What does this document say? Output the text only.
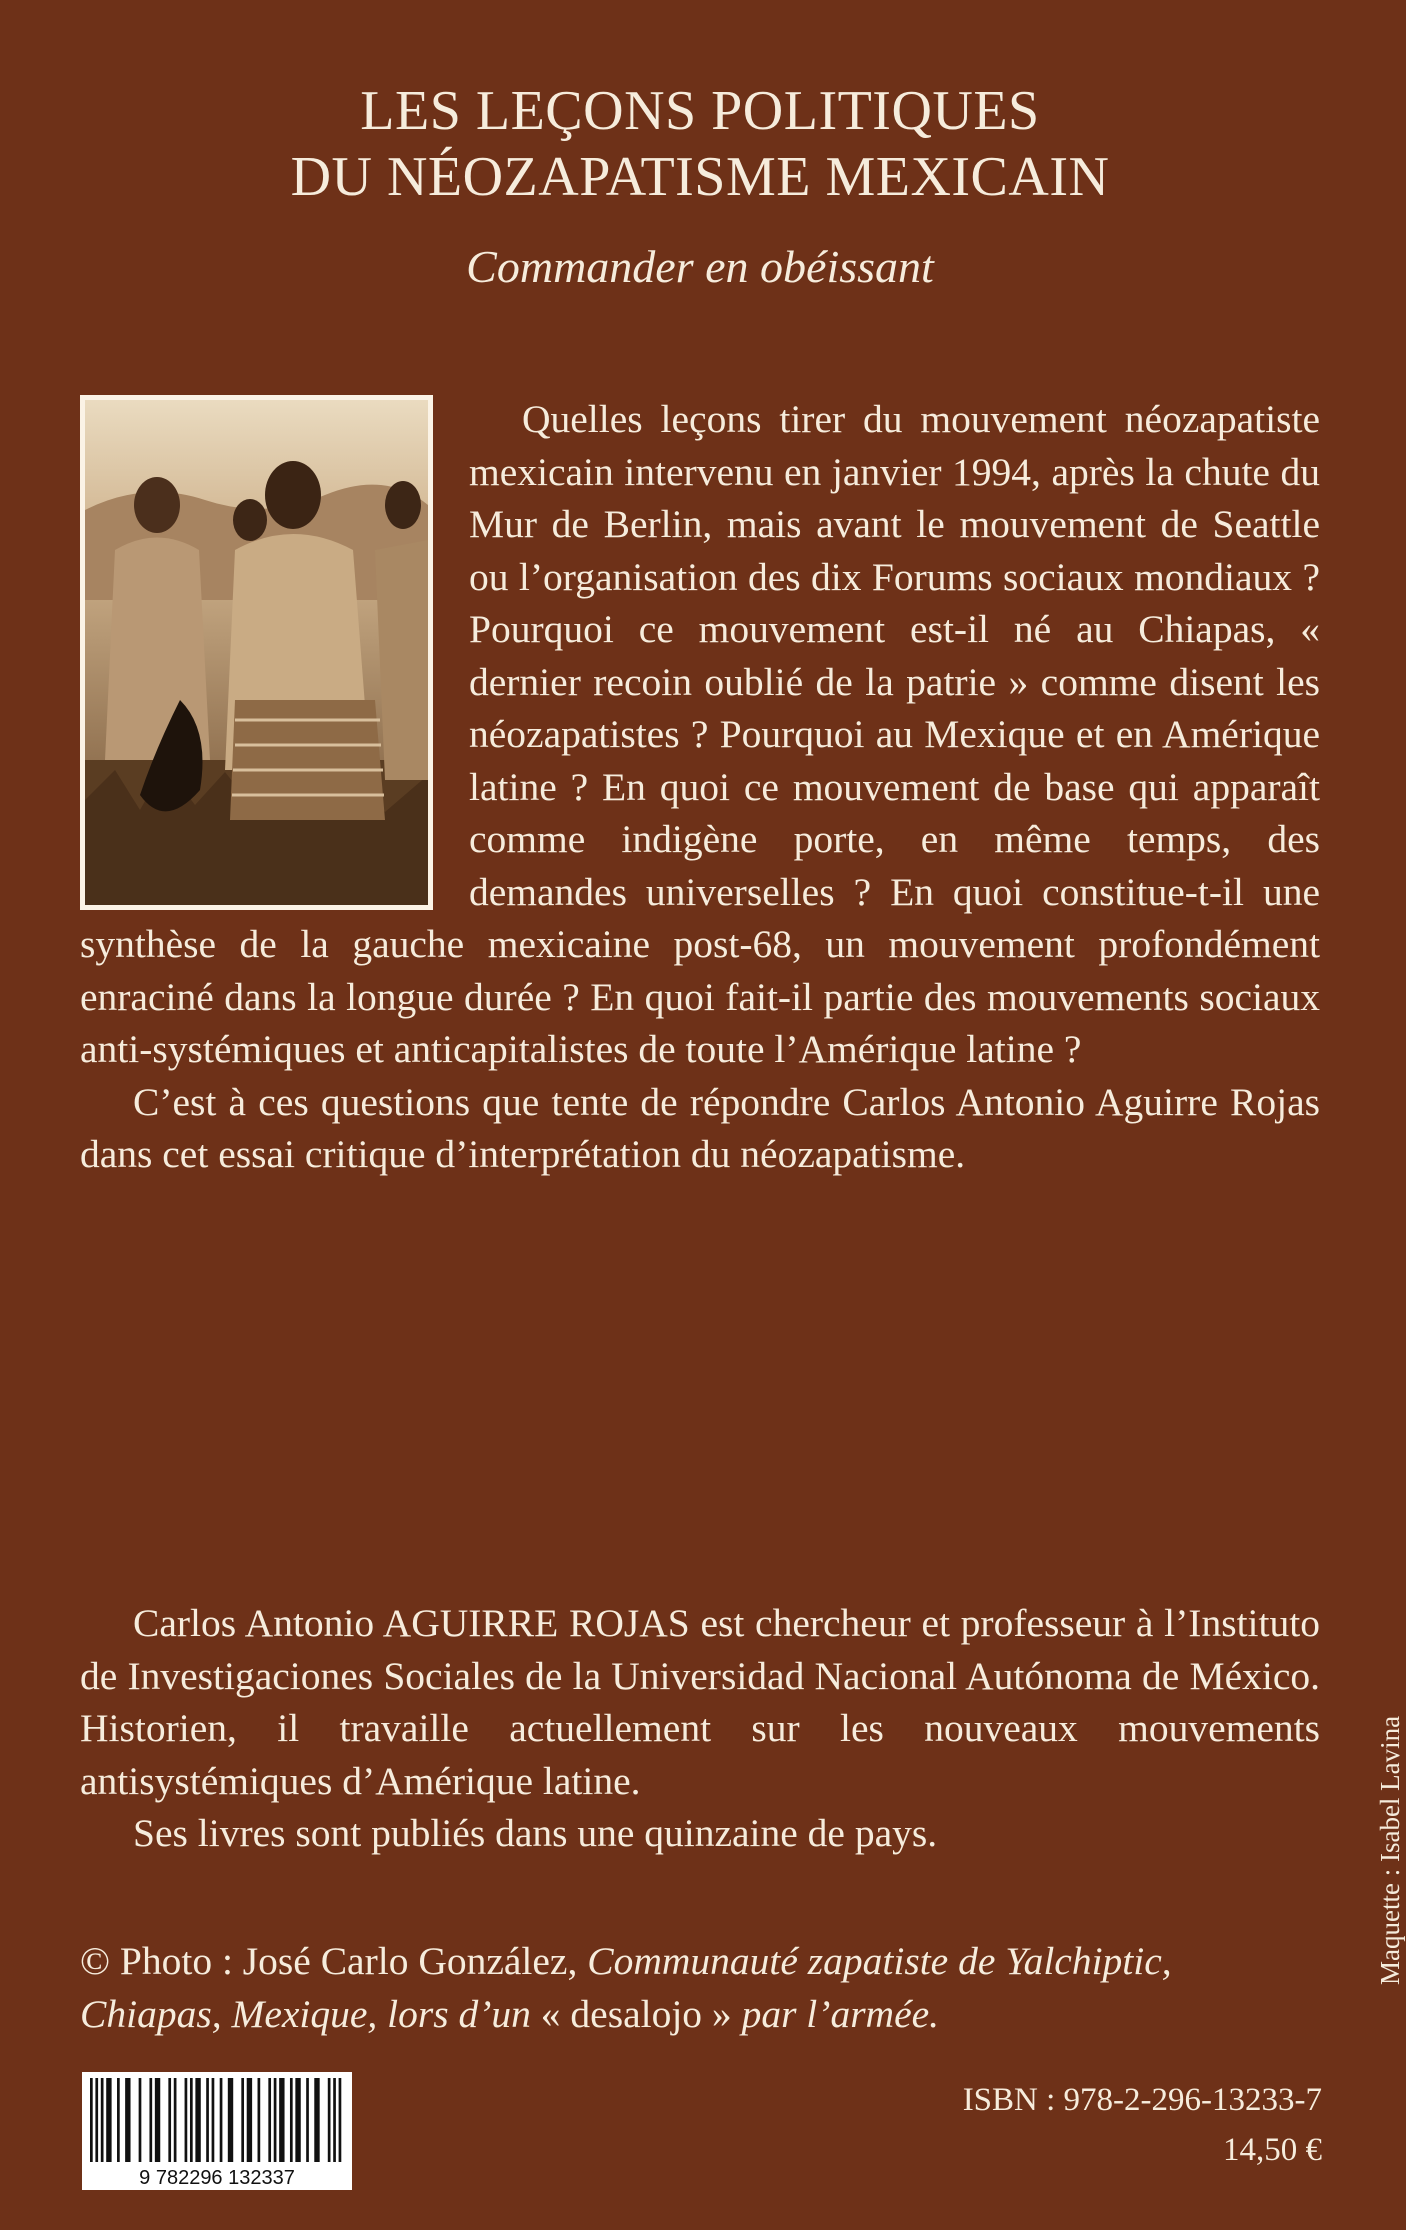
LES LEÇONS POLITIQUES
DU NÉOZAPATISME MEXICAIN
Commander en obéissant

Quelles leçons tirer du mouvement néozapatiste mexicain intervenu en janvier 1994, après la chute du Mur de Berlin, mais avant le mouvement de Seattle ou l’organisation des dix Forums sociaux mondiaux ? Pourquoi ce mouvement est-il né au Chiapas, « dernier recoin oublié de la patrie » comme disent les néozapatistes ? Pourquoi au Mexique et en Amérique latine ? En quoi ce mouvement de base qui apparaît comme indigène porte, en même temps, des demandes universelles ? En quoi constitue-t-il une synthèse de la gauche mexicaine post-68, un mouvement profondément enraciné dans la longue durée ? En quoi fait-il partie des mouvements sociaux anti-systémiques et anticapitalistes de toute l’Amérique latine ?

C’est à ces questions que tente de répondre Carlos Antonio Aguirre Rojas dans cet essai critique d’interprétation du néozapatisme.

Carlos Antonio AGUIRRE ROJAS est chercheur et professeur à l’Instituto de Investigaciones Sociales de la Universidad Nacional Autónoma de México. Historien, il travaille actuellement sur les nouveaux mouvements antisystémiques d’Amérique latine.

Ses livres sont publiés dans une quinzaine de pays.

© Photo : José Carlo González, Communauté zapatiste de Yalchiptic, Chiapas, Mexique, lors d’un « desalojo » par l’armée.
Maquette : Isabel Lavina
9 782296 132337
ISBN : 978-2-296-13233-7
14,50 €
